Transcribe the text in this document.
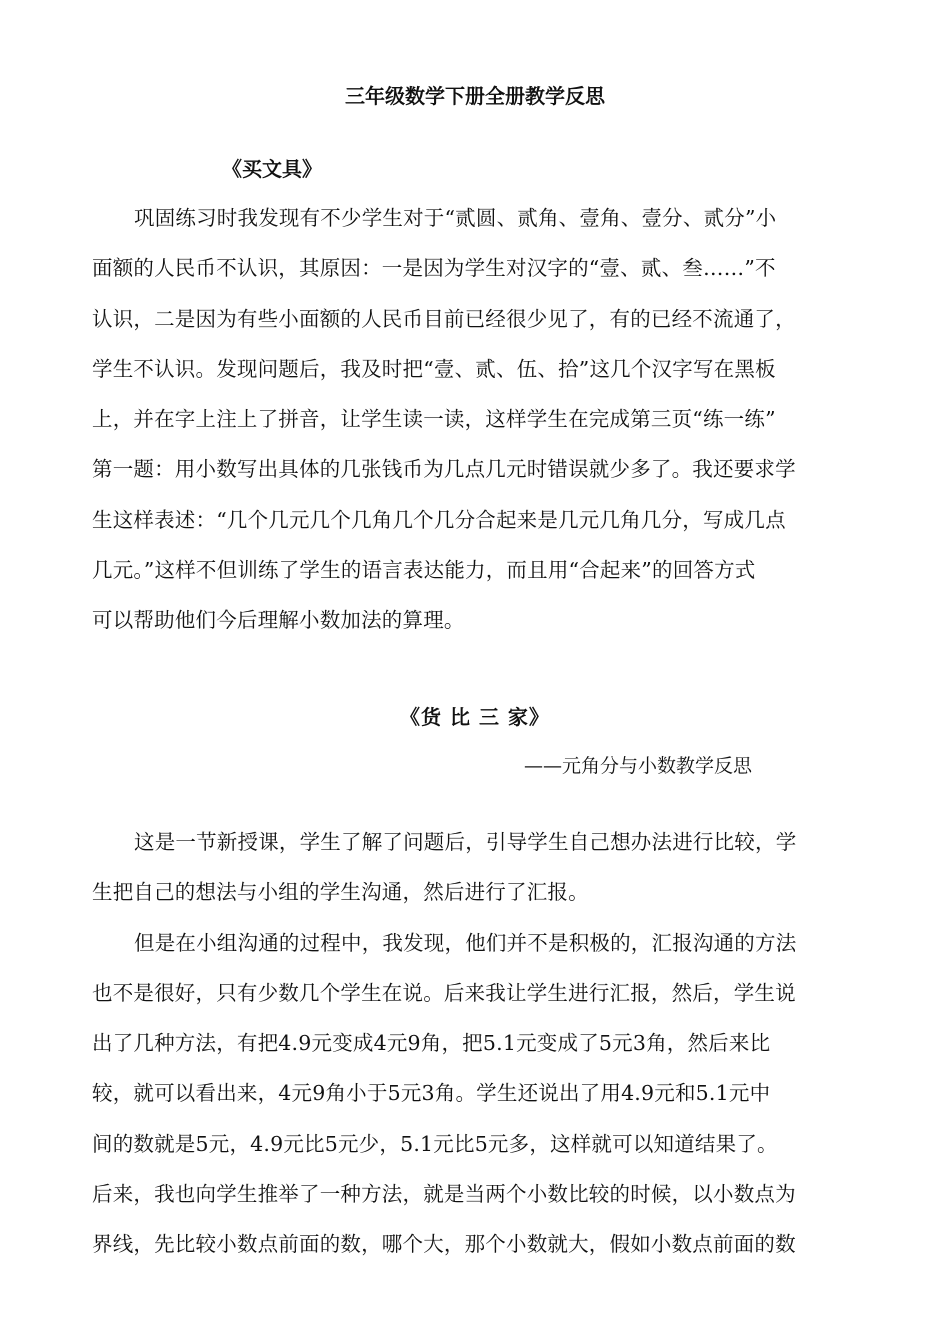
三年级数学下册全册教学反思
《买文具》
巩固练习时我发现有不少学生对于“贰圆、贰角、壹角、壹分、贰分”小
面额的人民币不认识，其原因：一是因为学生对汉字的“壹、贰、叁……”不
认识，二是因为有些小面额的人民币目前已经很少见了，有的已经不流通了，
学生不认识。发现问题后，我及时把“壹、贰、伍、拾”这几个汉字写在黑板
上，并在字上注上了拼音，让学生读一读，这样学生在完成第三页“练一练”
第一题：用小数写出具体的几张钱币为几点几元时错误就少多了。我还要求学
生这样表述：“几个几元几个几角几个几分合起来是几元几角几分，写成几点
几元。”这样不但训练了学生的语言表达能力，而且用“合起来”的回答方式
可以帮助他们今后理解小数加法的算理。
《货 比 三 家》

——元角分与小数教学反思

这是一节新授课，学生了解了问题后，引导学生自己想办法进行比较，学
生把自己的想法与小组的学生沟通，然后进行了汇报。
但是在小组沟通的过程中，我发现，他们并不是积极的，汇报沟通的方法
也不是很好，只有少数几个学生在说。后来我让学生进行汇报，然后，学生说
出了几种方法，有把4.9元变成4元9角，把5.1元变成了5元3角，然后来比
较，就可以看出来，4元9角小于5元3角。学生还说出了用4.9元和5.1元中
间的数就是5元，4.9元比5元少，5.1元比5元多，这样就可以知道结果了。
后来，我也向学生推举了一种方法，就是当两个小数比较的时候，以小数点为
界线，先比较小数点前面的数，哪个大，那个小数就大，假如小数点前面的数
